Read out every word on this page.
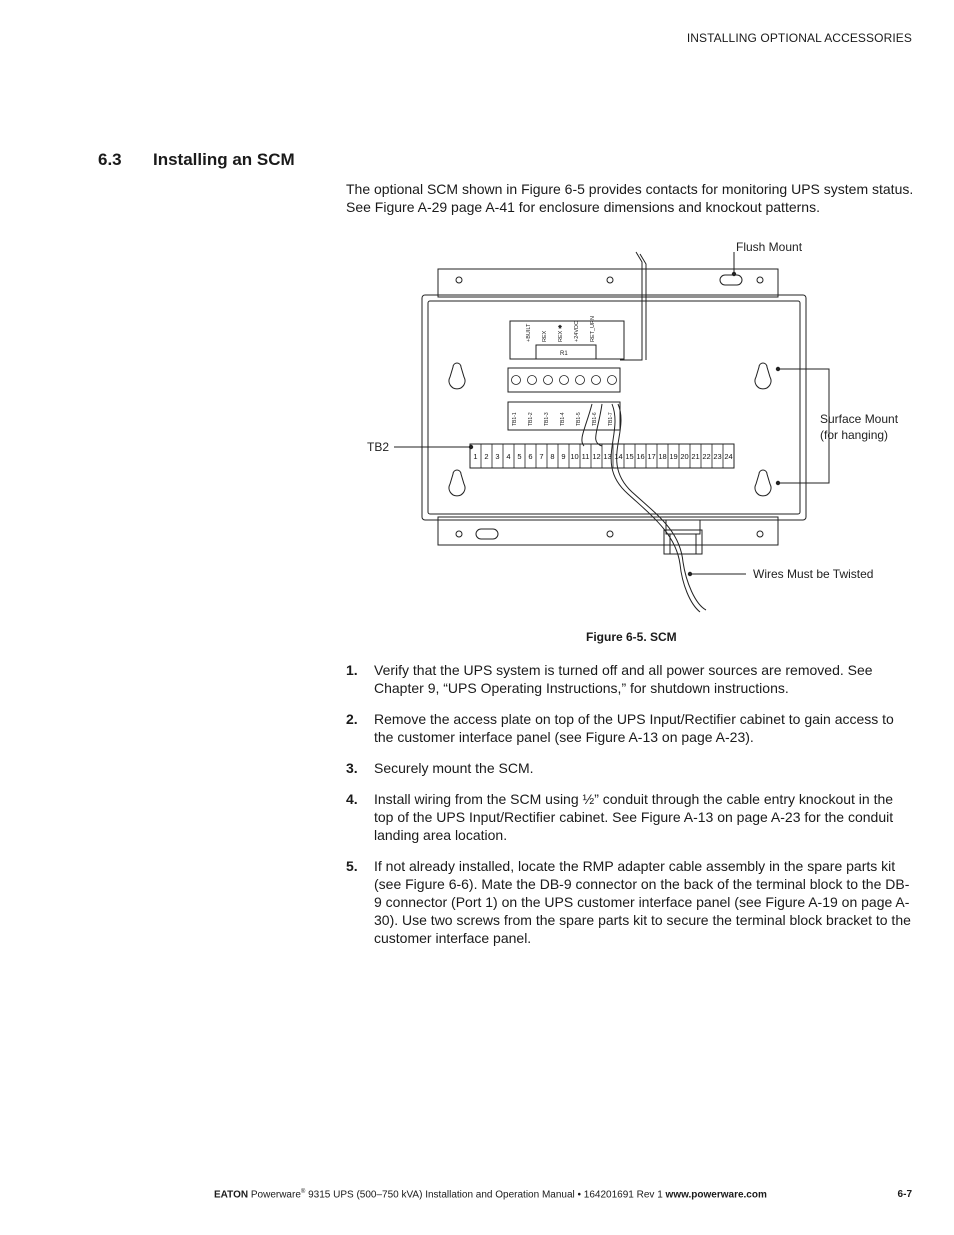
INSTALLING OPTIONAL ACCESSORIES
6.3 Installing an SCM

The optional SCM shown in Figure 6-5 provides contacts for monitoring UPS system status. See Figure A-29 page A-41 for enclosure dimensions and knockout patterns.

+BUILT REX REX ✱ +24VDC RET_URN
R1
TB1-1 TB1-2 TB1-3 TB1-4 TB1-5 TB1-6 TB1-7
1 2 3 4 5 6 7 8 9 10 11 12 13 14 15 16 17 18 19 20 21 22 23 24
Flush Mount
Surface Mount
(for hanging)
TB2
Wires Must be Twisted
Figure 6-5. SCM
1. Verify that the UPS system is turned off and all power sources are removed. See Chapter 9, “UPS Operating Instructions,” for shutdown instructions.
2. Remove the access plate on top of the UPS Input/Rectifier cabinet to gain access to the customer interface panel (see Figure A-13 on page A-23).
3. Securely mount the SCM.
4. Install wiring from the SCM using ½” conduit through the cable entry knockout in the top of the UPS Input/Rectifier cabinet. See Figure A-13 on page A-23 for the conduit landing area location.
5. If not already installed, locate the RMP adapter cable assembly in the spare parts kit (see Figure 6-6). Mate the DB-9 connector on the back of the terminal block to the DB-9 connector (Port 1) on the UPS customer interface panel (see Figure A-19 on page A-30). Use two screws from the spare parts kit to secure the terminal block bracket to the customer interface panel.
EATON Powerware® 9315 UPS (500–750 kVA) Installation and Operation Manual • 164201691 Rev 1 www.powerware.com	6-7
